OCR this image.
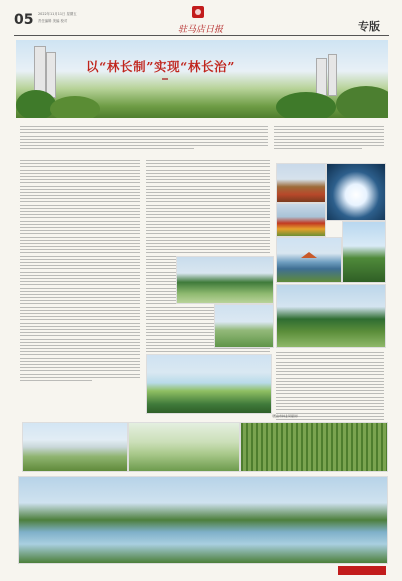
05 2022年11月11日 星期五
责任编辑 美编 校对
驻马店日报	专版
以“林长制”实现“林长治”
（图由市林业局提供）
